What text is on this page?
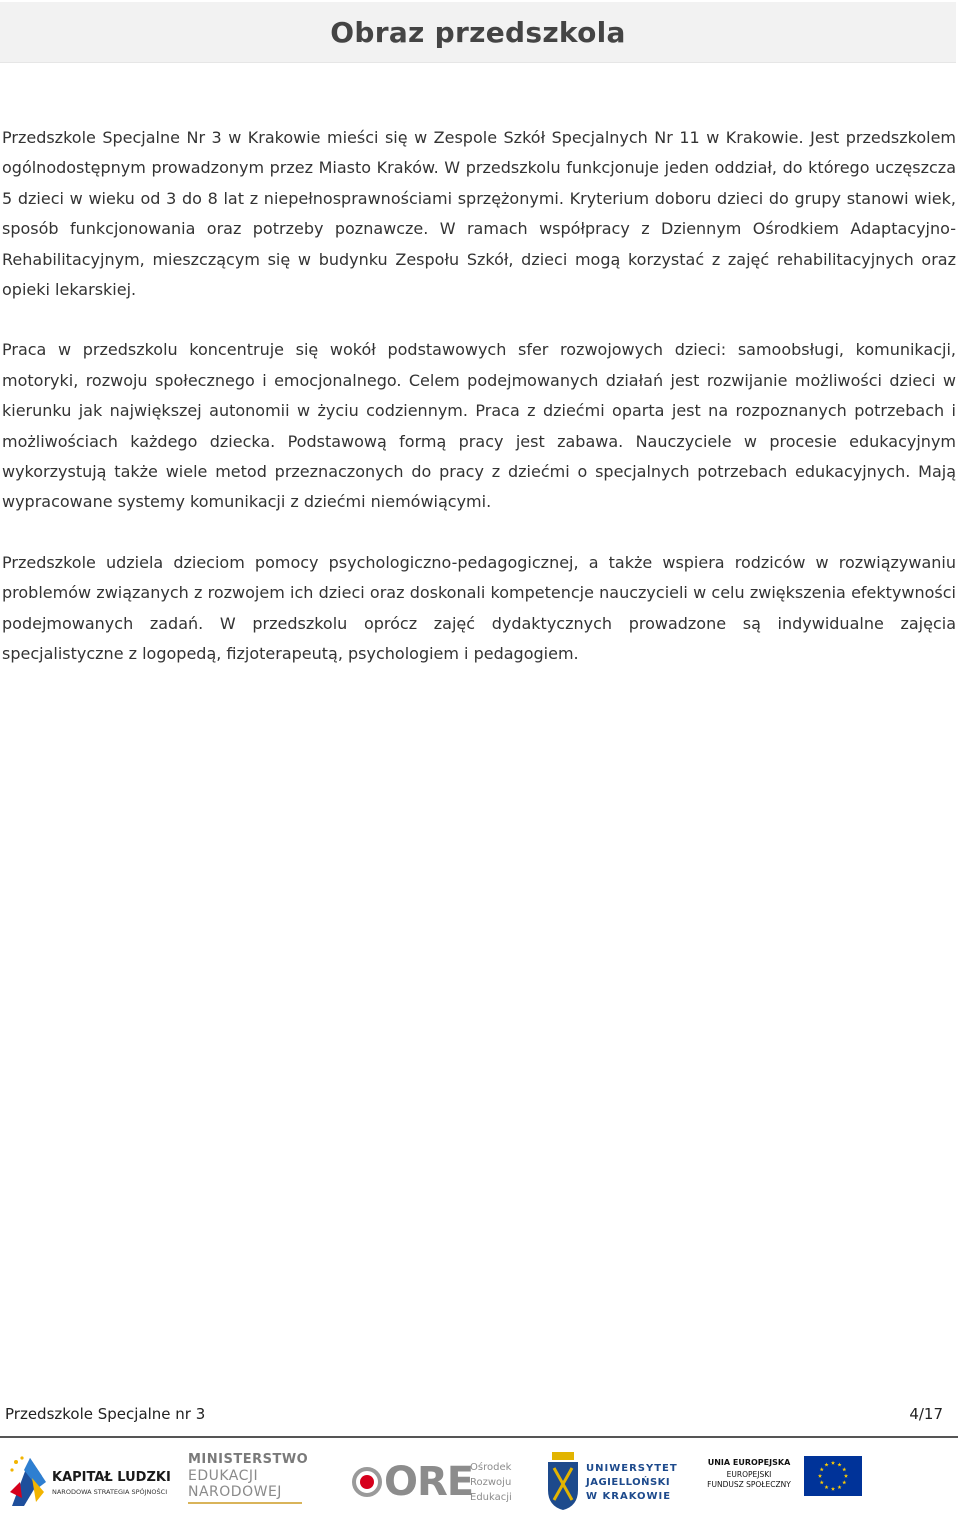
Obraz przedszkola

Przedszkole Specjalne Nr 3 w Krakowie mieści się w Zespole Szkół Specjalnych Nr 11 w Krakowie. Jest przedszkolem ogólnodostępnym prowadzonym przez Miasto Kraków. W przedszkolu funkcjonuje jeden oddział, do którego uczęszcza 5 dzieci w wieku od 3 do 8 lat z niepełnosprawnościami sprzężonymi. Kryterium doboru dzieci do grupy stanowi wiek, sposób funkcjonowania oraz potrzeby poznawcze. W ramach współpracy z Dziennym Ośrodkiem Adaptacyjno-Rehabilitacyjnym, mieszczącym się w budynku Zespołu Szkół, dzieci mogą korzystać z zajęć rehabilitacyjnych oraz opieki lekarskiej.

Praca w przedszkolu koncentruje się wokół podstawowych sfer rozwojowych dzieci: samoobsługi, komunikacji, motoryki, rozwoju społecznego i emocjonalnego. Celem podejmowanych działań jest rozwijanie możliwości dzieci w kierunku jak największej autonomii w życiu codziennym. Praca z dziećmi oparta jest na rozpoznanych potrzebach i możliwościach każdego dziecka. Podstawową formą pracy jest zabawa. Nauczyciele w procesie edukacyjnym wykorzystują także wiele metod przeznaczonych do pracy z dziećmi o specjalnych potrzebach edukacyjnych. Mają wypracowane systemy komunikacji z dziećmi niemówiącymi.

Przedszkole udziela dzieciom pomocy psychologiczno-pedagogicznej, a także wspiera rodziców w rozwiązywaniu problemów związanych z rozwojem ich dzieci oraz doskonali kompetencje nauczycieli w celu zwiększenia efektywności podejmowanych zadań. W przedszkolu oprócz zajęć dydaktycznych prowadzone są indywidualne zajęcia specjalistyczne z logopedą, fizjoterapeutą, psychologiem i pedagogiem.

Przedszkole Specjalne nr 3	4/17
KAPITAŁ LUDZKI
NARODOWA STRATEGIA SPÓJNOŚCI
MINISTERSTWO
EDUKACJI
NARODOWEJ	ORE
Ośrodek
Rozwoju
Edukacji
UNIWERSYTET
JAGIELLOŃSKI
W KRAKOWIE
UNIA EUROPEJSKA
EUROPEJSKI
FUNDUSZ SPOŁECZNY
